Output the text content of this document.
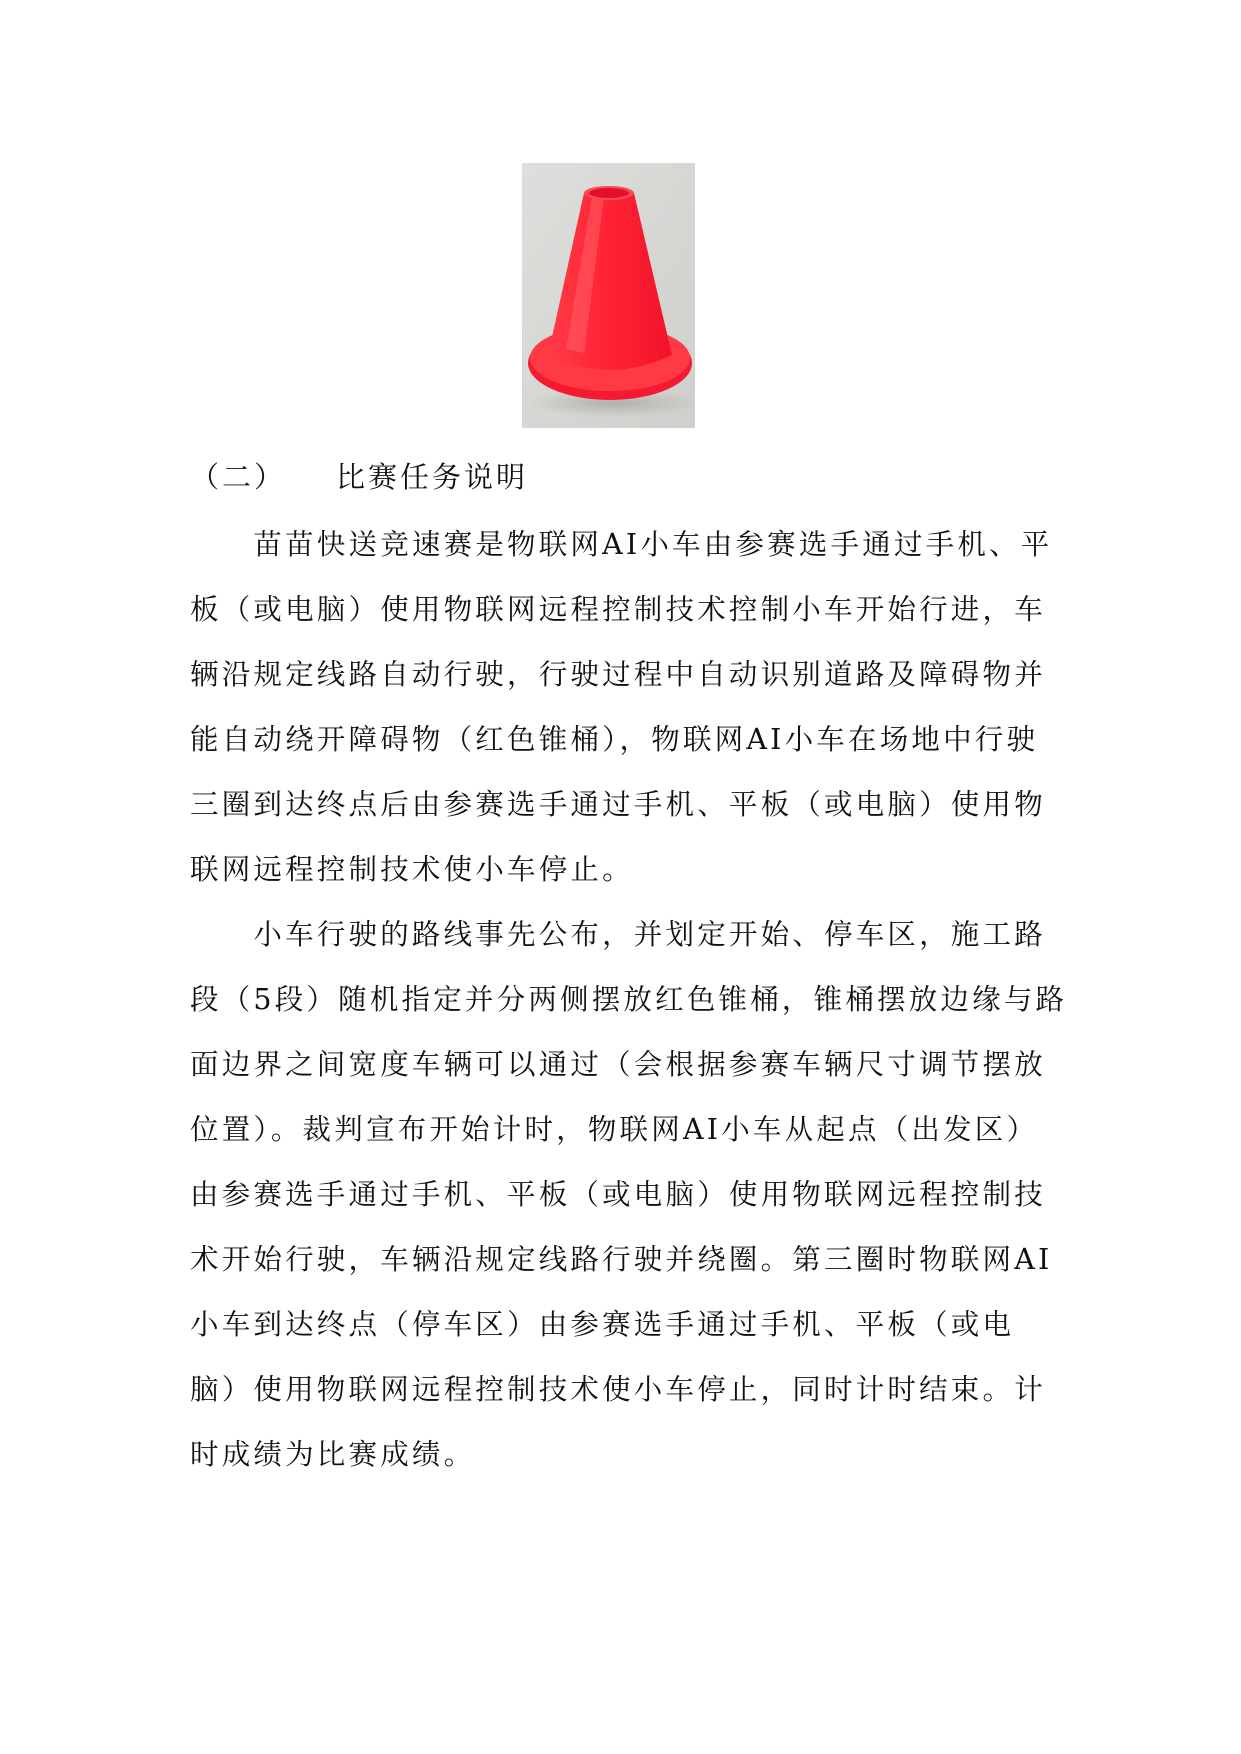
（二） 比赛任务说明

　　苗苗快送竞速赛是物联网AI小车由参赛选手通过手机、平
板（或电脑）使用物联网远程控制技术控制小车开始行进，车
辆沿规定线路自动行驶，行驶过程中自动识别道路及障碍物并
能自动绕开障碍物（红色锥桶），物联网AI小车在场地中行驶
三圈到达终点后由参赛选手通过手机、平板（或电脑）使用物
联网远程控制技术使小车停止。

　　小车行驶的路线事先公布，并划定开始、停车区，施工路
段（5段）随机指定并分两侧摆放红色锥桶，锥桶摆放边缘与路
面边界之间宽度车辆可以通过（会根据参赛车辆尺寸调节摆放
位置）。裁判宣布开始计时，物联网AI小车从起点（出发区）
由参赛选手通过手机、平板（或电脑）使用物联网远程控制技
术开始行驶，车辆沿规定线路行驶并绕圈。第三圈时物联网AI
小车到达终点（停车区）由参赛选手通过手机、平板（或电
脑）使用物联网远程控制技术使小车停止，同时计时结束。计
时成绩为比赛成绩。
